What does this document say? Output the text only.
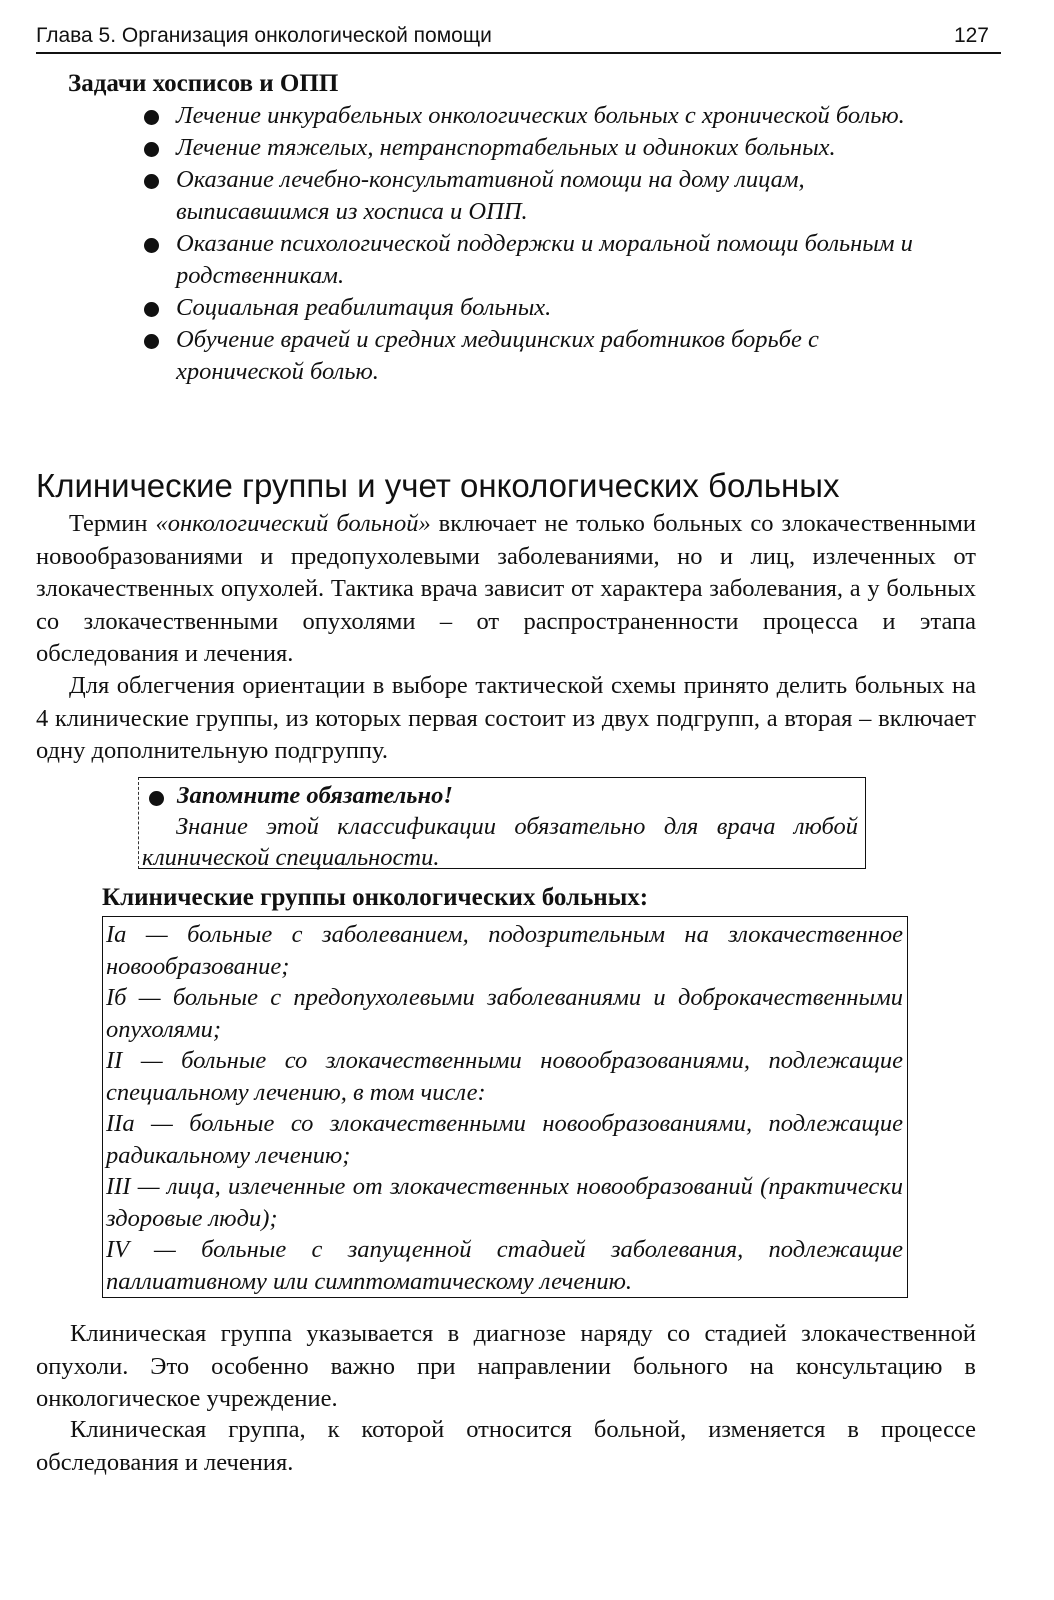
Глава 5. Организация онкологической помощи	127
Задачи хосписов и ОПП
Лечение инкурабельных онкологических больных с хронической болью.
Лечение тяжелых, нетранспортабельных и одиноких больных.
Оказание лечебно-консультативной помощи на дому лицам, выписавшимся из хосписа и ОПП.
Оказание психологической поддержки и моральной помощи больным и родственникам.
Социальная реабилитация больных.
Обучение врачей и средних медицинских работников борьбе с хронической болью.
Клинические группы и учет онкологических больных

Термин «онкологический больной» включает не только больных со злокачественными новообразованиями и предопухолевыми заболеваниями, но и лиц, излеченных от злокачественных опухолей. Тактика врача зависит от характера заболевания, а у больных со злокачественными опухолями – от распространенности процесса и этапа обследования и лечения.

Для облегчения ориентации в выборе тактической схемы принято делить больных на 4 клинические группы, из которых первая состоит из двух подгрупп, а вторая – включает одну дополнительную подгруппу.

Запомните обязательно!
Знание этой классификации обязательно для врача любой клинической специальности.
Клинические группы онкологических больных:
Iа — больные с заболеванием, подозрительным на злокачественное новообразование;
Iб — больные с предопухолевыми заболеваниями и доброкачественными опухолями;
II — больные со злокачественными новообразованиями, подлежащие специальному лечению, в том числе:
IIа — больные со злокачественными новообразованиями, подлежащие радикальному лечению;
III — лица, излеченные от злокачественных новообразований (практически здоровые люди);
IV — больные с запущенной стадией заболевания, подлежащие паллиативному или симптоматическому лечению.

Клиническая группа указывается в диагнозе наряду со стадией злокачественной опухоли. Это особенно важно при направлении больного на консультацию в онкологическое учреждение.

Клиническая группа, к которой относится больной, изменяется в процессе обследования и лечения.
